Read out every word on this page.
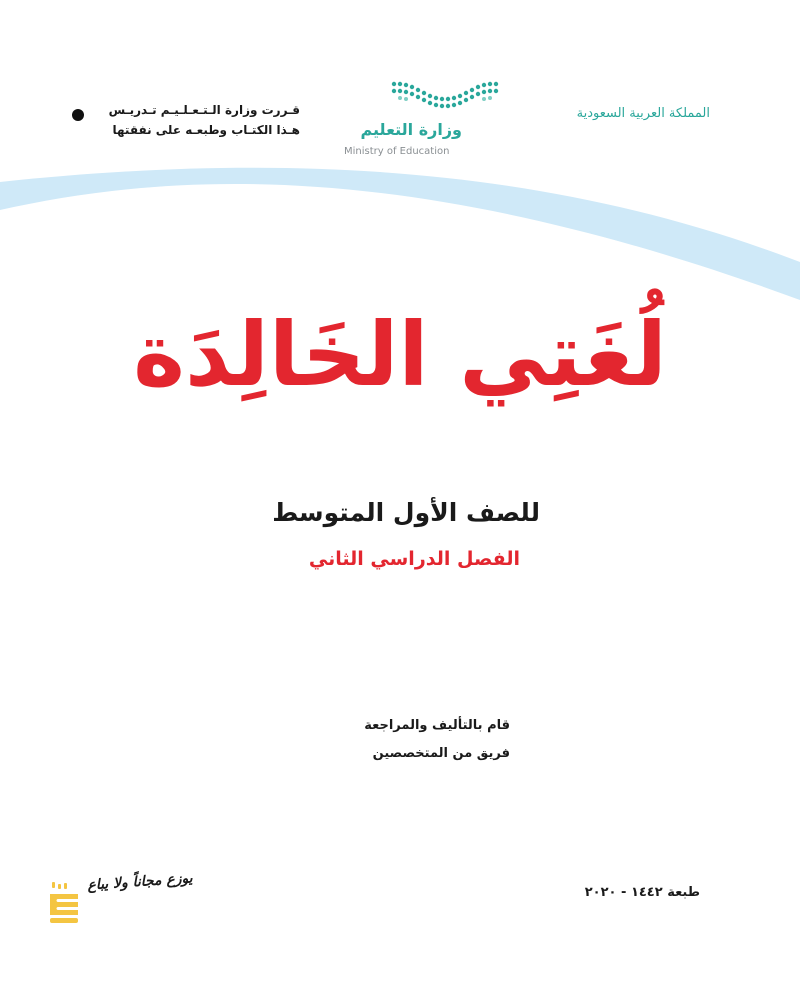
المملكة العربية السعودية
وزارة التعليم
Ministry of Education
قـررت وزارة الـتـعـلـيـم تـدريـس
هـذا الكتـاب وطبعـه على نفقتها
لُغَتِي الخَالِدَة
للصف الأول المتوسط
الفصل الدراسي الثاني
قام بالتأليف والمراجعة
فريق من المتخصصين
طبعة ١٤٤٢ - ٢٠٢٠
يوزع مجاناً ولا يباع
